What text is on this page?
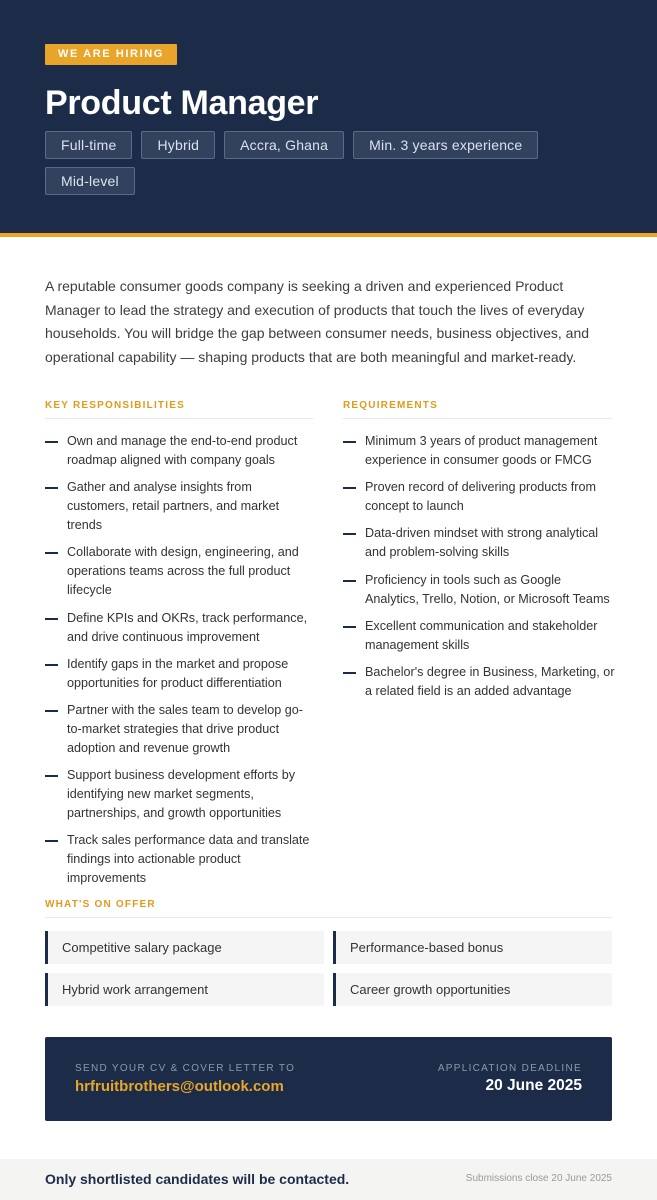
WE ARE HIRING
Product Manager
Full-time	Hybrid	Accra, Ghana	Min. 3 years experience
Mid-level

A reputable consumer goods company is seeking a driven and experienced Product Manager to lead the strategy and execution of products that touch the lives of everyday households. You will bridge the gap between consumer needs, business objectives, and operational capability — shaping products that are both meaningful and market-ready.

KEY RESPONSIBILITIES
Own and manage the end-to-end product roadmap aligned with company goals
Gather and analyse insights from customers, retail partners, and market trends
Collaborate with design, engineering, and operations teams across the full product lifecycle
Define KPIs and OKRs, track performance, and drive continuous improvement
Identify gaps in the market and propose opportunities for product differentiation
Partner with the sales team to develop go-to-market strategies that drive product adoption and revenue growth
Support business development efforts by identifying new market segments, partnerships, and growth opportunities
Track sales performance data and translate findings into actionable product improvements
REQUIREMENTS
Minimum 3 years of product management experience in consumer goods or FMCG
Proven record of delivering products from concept to launch
Data-driven mindset with strong analytical and problem-solving skills
Proficiency in tools such as Google Analytics, Trello, Notion, or Microsoft Teams
Excellent communication and stakeholder management skills
Bachelor's degree in Business, Marketing, or a related field is an added advantage
WHAT'S ON OFFER
Competitive salary package	Performance-based bonus
Hybrid work arrangement	Career growth opportunities
SEND YOUR CV & COVER LETTER TO
hrfruitbrothers@outlook.com
APPLICATION DEADLINE
20 June 2025
Only shortlisted candidates will be contacted.	Submissions close 20 June 2025
